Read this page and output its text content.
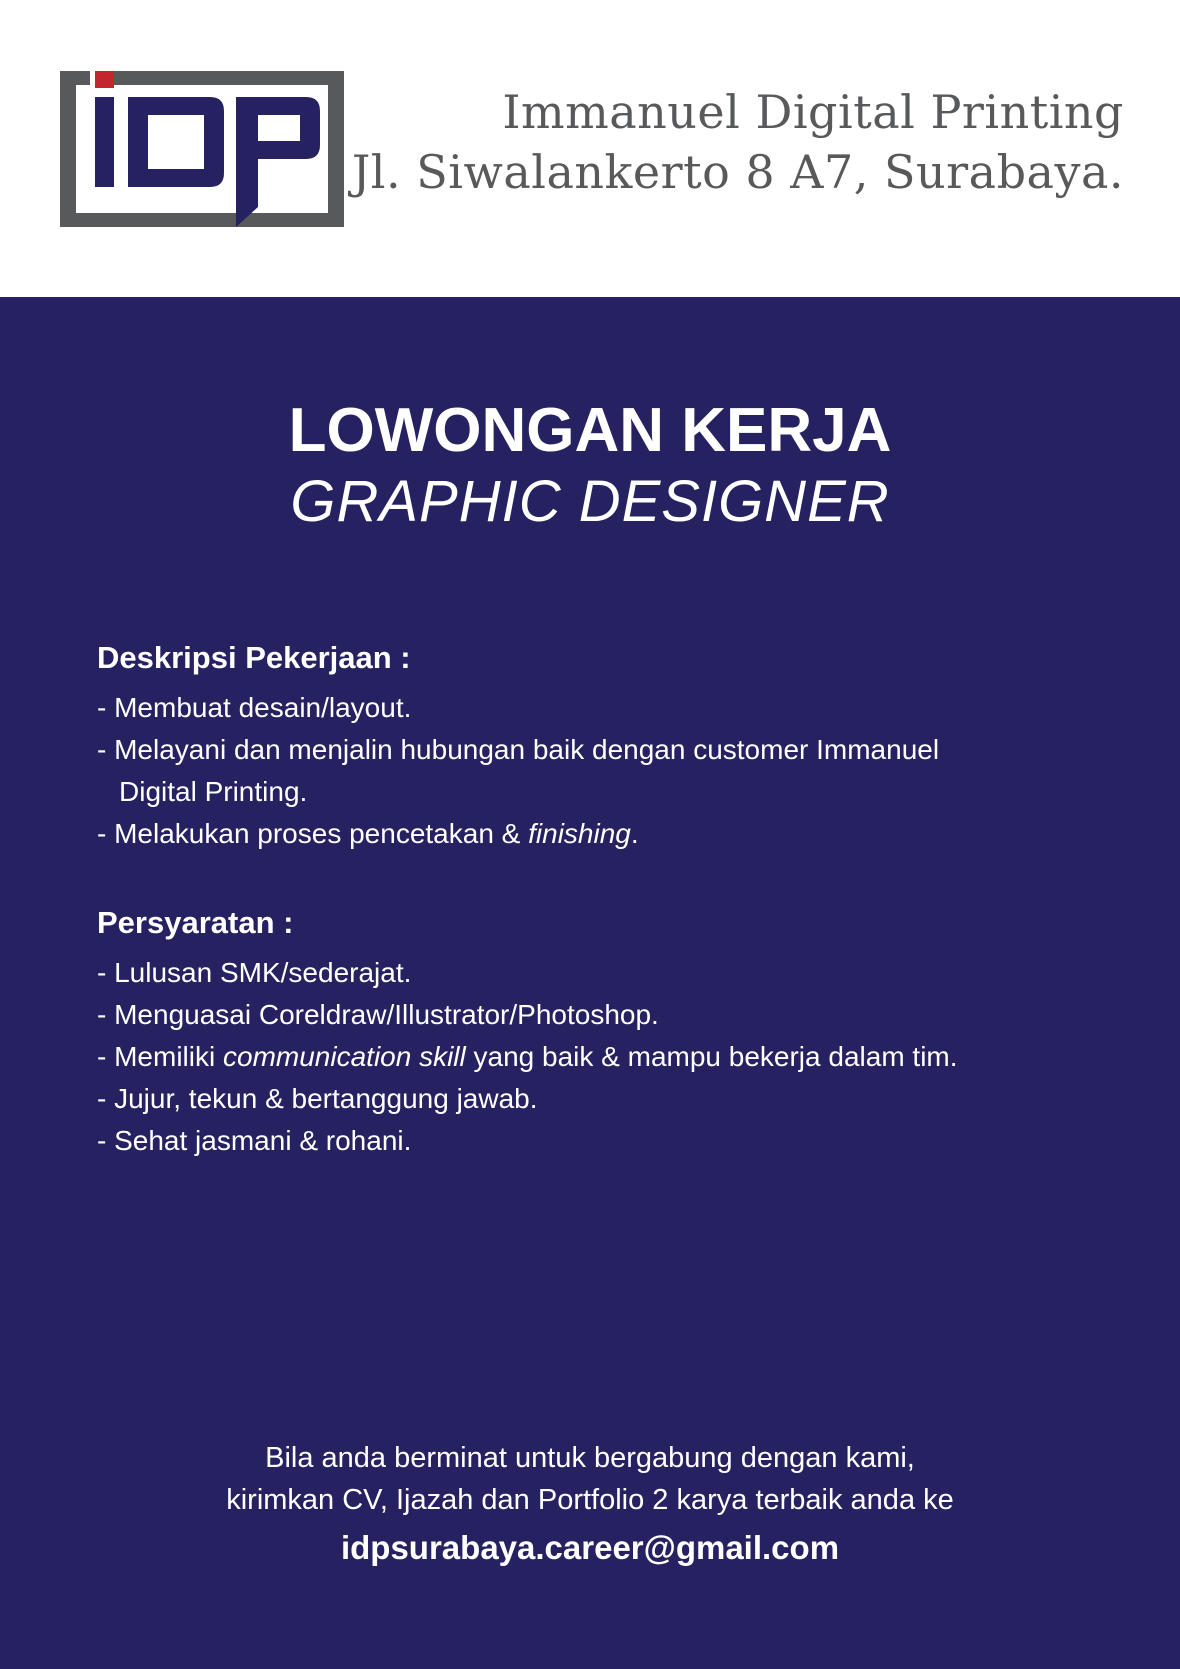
Immanuel Digital Printing
Jl. Siwalankerto 8 A7, Surabaya.
LOWONGAN KERJA
GRAPHIC DESIGNER
Deskripsi Pekerjaan :
- Membuat desain/layout.
- Melayani dan menjalin hubungan baik dengan customer Immanuel
Digital Printing.
- Melakukan proses pencetakan & finishing.
Persyaratan :
- Lulusan SMK/sederajat.
- Menguasai Coreldraw/Illustrator/Photoshop.
- Memiliki communication skill yang baik & mampu bekerja dalam tim.
- Jujur, tekun & bertanggung jawab.
- Sehat jasmani & rohani.
Bila anda berminat untuk bergabung dengan kami,
kirimkan CV, Ijazah dan Portfolio 2 karya terbaik anda ke
idpsurabaya.career@gmail.com
